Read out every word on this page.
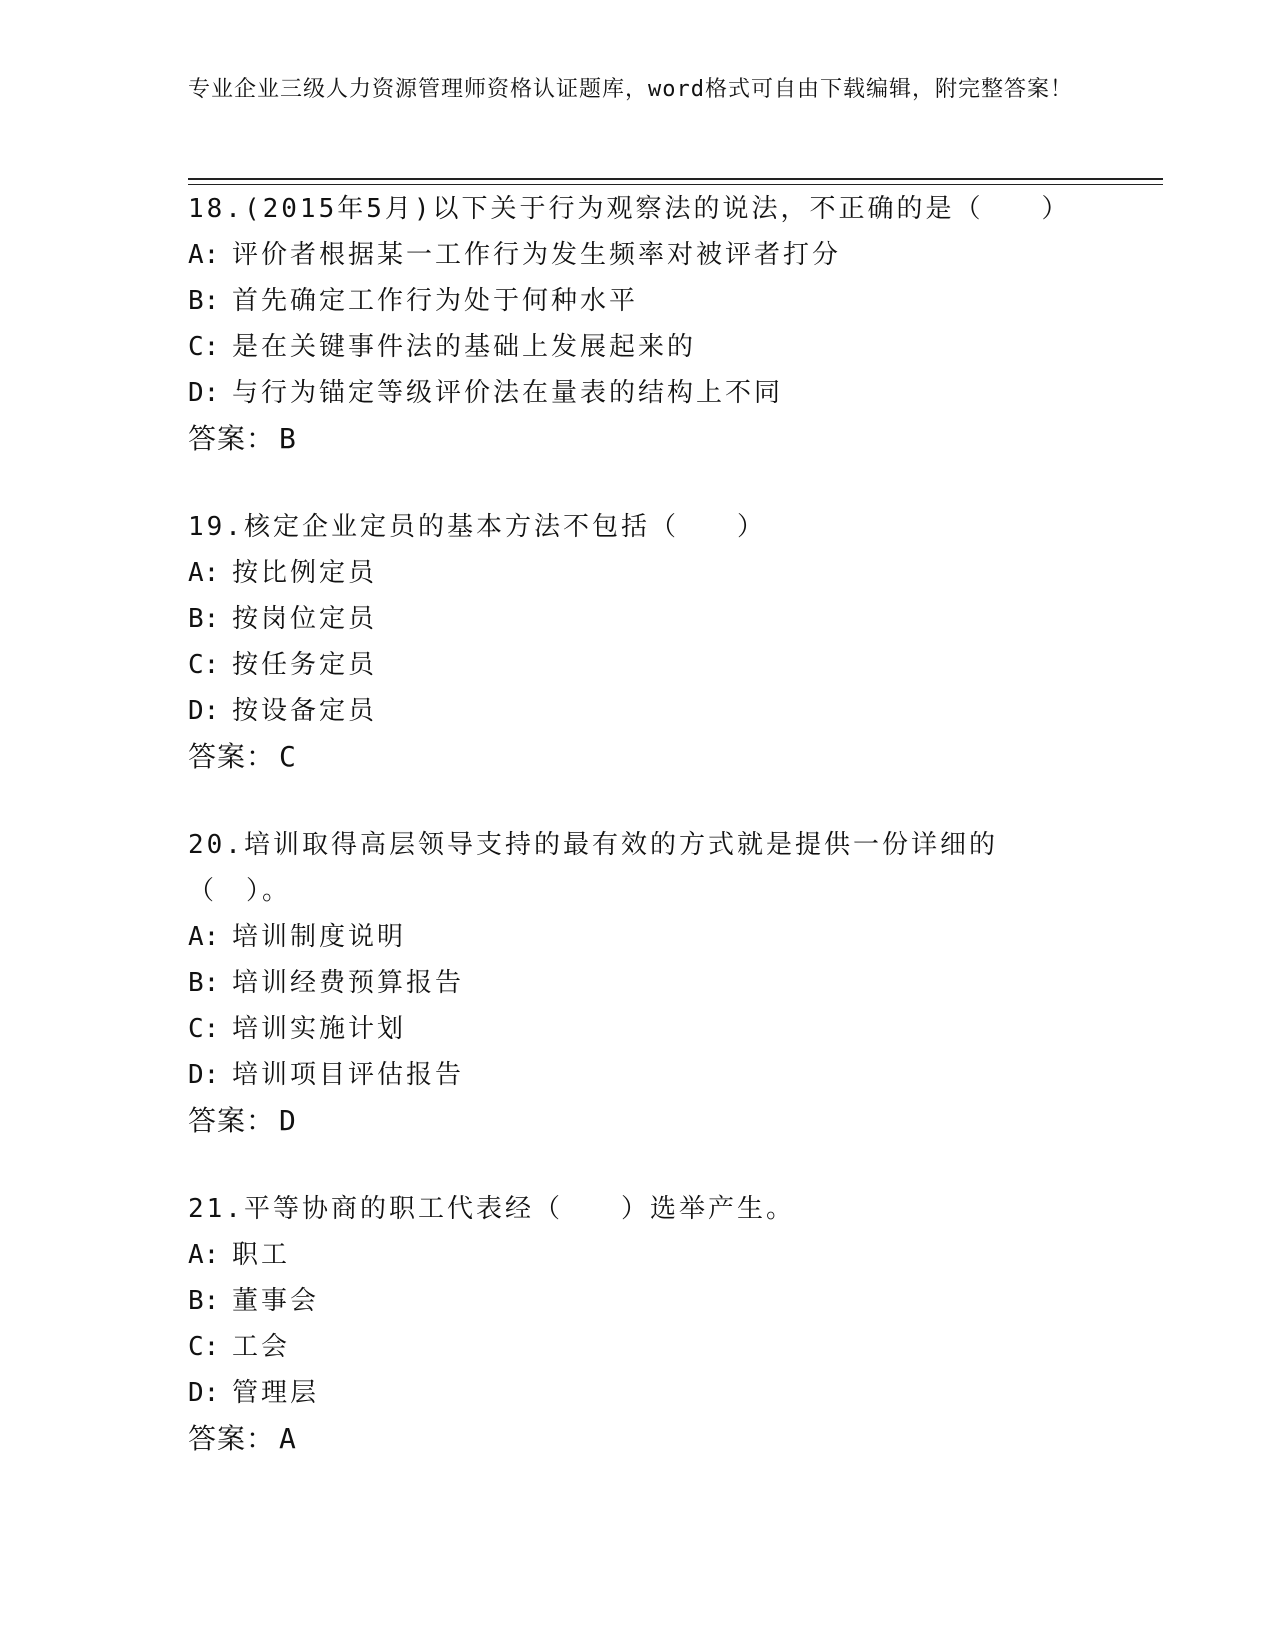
专业企业三级人力资源管理师资格认证题库，word格式可自由下载编辑，附完整答案！
18.(2015年5月)以下关于行为观察法的说法，不正确的是（　　）
A: 评价者根据某一工作行为发生频率对被评者打分
B: 首先确定工作行为处于何种水平
C: 是在关键事件法的基础上发展起来的
D: 与行为锚定等级评价法在量表的结构上不同
答案： B
19.核定企业定员的基本方法不包括（　　）
A: 按比例定员
B: 按岗位定员
C: 按任务定员
D: 按设备定员
答案： C
20.培训取得高层领导支持的最有效的方式就是提供一份详细的（　）。
A: 培训制度说明
B: 培训经费预算报告
C: 培训实施计划
D: 培训项目评估报告
答案： D
21.平等协商的职工代表经（　　）选举产生。
A: 职工
B: 董事会
C: 工会
D: 管理层
答案： A
